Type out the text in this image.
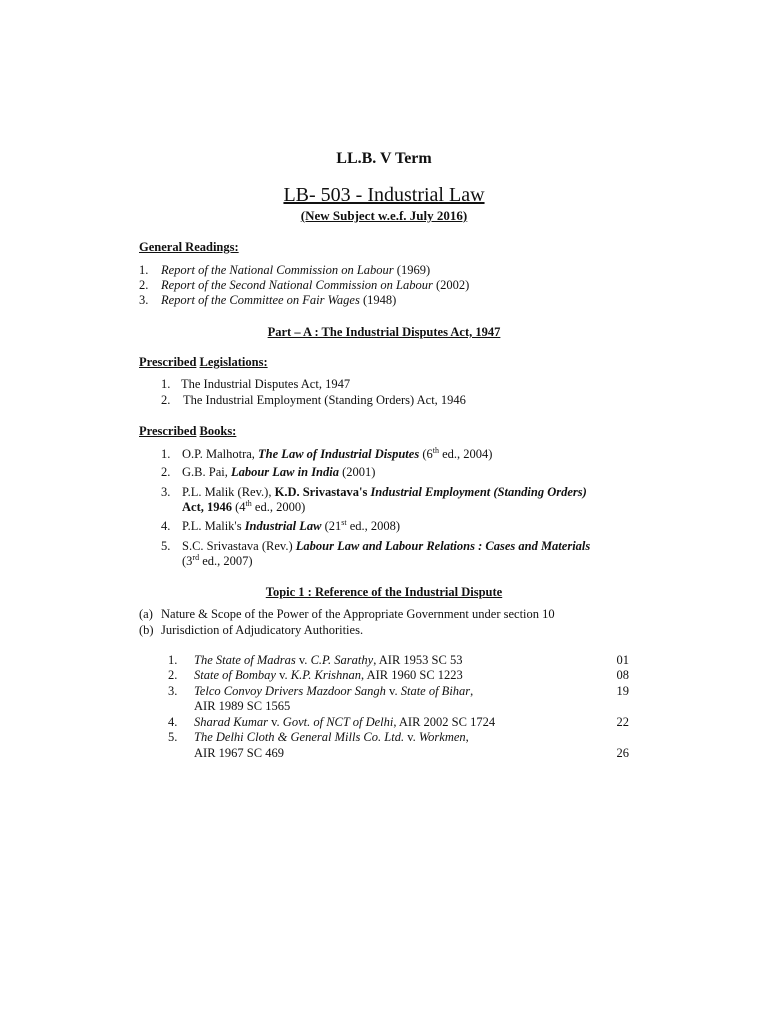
LL.B. V Term
LB- 503 - Industrial Law
(New Subject w.e.f. July 2016)
General Readings:
1. Report of the National Commission on Labour (1969)
2. Report of the Second National Commission on Labour (2002)
3. Report of the Committee on Fair Wages (1948)
Part – A : The Industrial Disputes Act, 1947
Prescribed Legislations:
1. The Industrial Disputes Act, 1947
2. The Industrial Employment (Standing Orders) Act, 1946
Prescribed Books:
1. O.P. Malhotra, The Law of Industrial Disputes (6th ed., 2004)
2. G.B. Pai, Labour Law in India (2001)
3. P.L. Malik (Rev.), K.D. Srivastava's Industrial Employment (Standing Orders)
Act, 1946 (4th ed., 2000)
4. P.L. Malik's Industrial Law (21st ed., 2008)
5. S.C. Srivastava (Rev.) Labour Law and Labour Relations : Cases and Materials
(3rd ed., 2007)
Topic 1 : Reference of the Industrial Dispute
(a) Nature & Scope of the Power of the Appropriate Government under section 10
(b) Jurisdiction of Adjudicatory Authorities.
1. The State of Madras v. C.P. Sarathy, AIR 1953 SC 53	01
2. State of Bombay v. K.P. Krishnan, AIR 1960 SC 1223	08
3. Telco Convoy Drivers Mazdoor Sangh v. State of Bihar,	19
AIR 1989 SC 1565
4. Sharad Kumar v. Govt. of NCT of Delhi, AIR 2002 SC 1724	22
5. The Delhi Cloth & General Mills Co. Ltd. v. Workmen,
AIR 1967 SC 469	26
